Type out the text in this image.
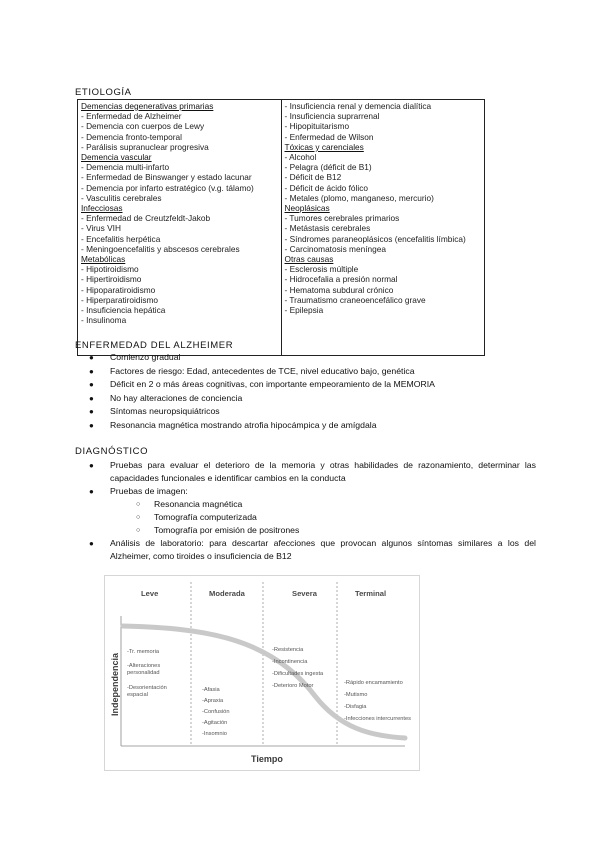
ETIOLOGÍA
Demencias degenerativas primarias
- Enfermedad de Alzheimer
- Demencia con cuerpos de Lewy
- Demencia fronto-temporal
- Parálisis supranuclear progresiva
Demencia vascular
- Demencia multi-infarto
- Enfermedad de Binswanger y estado lacunar
- Demencia por infarto estratégico (v.g. tálamo)
- Vasculitis cerebrales
Infecciosas
- Enfermedad de Creutzfeldt-Jakob
- Virus VIH
- Encefalitis herpética
- Meningoencefalitis y abscesos cerebrales
Metabólicas
- Hipotiroidismo
- Hipertiroidismo
- Hipoparatiroidismo
- Hiperparatiroidismo
- Insuficiencia hepática
- Insulinoma
- Insuficiencia renal y demencia dialítica
- Insuficiencia suprarrenal
- Hipopituitarismo
- Enfermedad de Wilson
Tóxicas y carenciales
- Alcohol
- Pelagra (déficit de B1)
- Déficit de B12
- Déficit de ácido fólico
- Metales (plomo, manganeso, mercurio)
Neoplásicas
- Tumores cerebrales primarios
- Metástasis cerebrales
- Síndromes paraneoplásicos (encefalitis límbica)
- Carcinomatosis meníngea
Otras causas
- Esclerosis múltiple
- Hidrocefalia a presión normal
- Hematoma subdural crónico
- Traumatismo craneoencefálico grave
- Epilepsia
ENFERMEDAD DEL ALZHEIMER
● Comienzo gradual
● Factores de riesgo: Edad, antecedentes de TCE, nivel educativo bajo, genética
● Déficit en 2 o más áreas cognitivas, con importante empeoramiento de la MEMORIA
● No hay alteraciones de conciencia
● Síntomas neuropsiquiátricos
● Resonancia magnética mostrando atrofia hipocámpica y de amígdala
DIAGNÓSTICO
● Pruebas para evaluar el deterioro de la memoria y otras habilidades de razonamiento, determinar las capacidades funcionales e identificar cambios en la conducta
● Pruebas de imagen:
○ Resonancia magnética
○ Tomografía computerizada
○ Tomografía por emisión de positrones
● Análisis de laboratorio: para descartar afecciones que provocan algunos síntomas similares a los del Alzheimer, como tiroides o insuficiencia de B12
Leve	Moderada	Severa	Terminal
Independencia
Tiempo
-Tr. memoria
-Alteraciones
personalidad
-Desorientación
espacial
-Afasia
-Apraxia
-Confusión
-Agitación
-Insomnio
-Resistencia
-Incontinencia
-Dificultades ingesta
-Deterioro Motor	-Rápido encamamiento
-Mutismo
-Disfagia
-Infecciones intercurrentes
